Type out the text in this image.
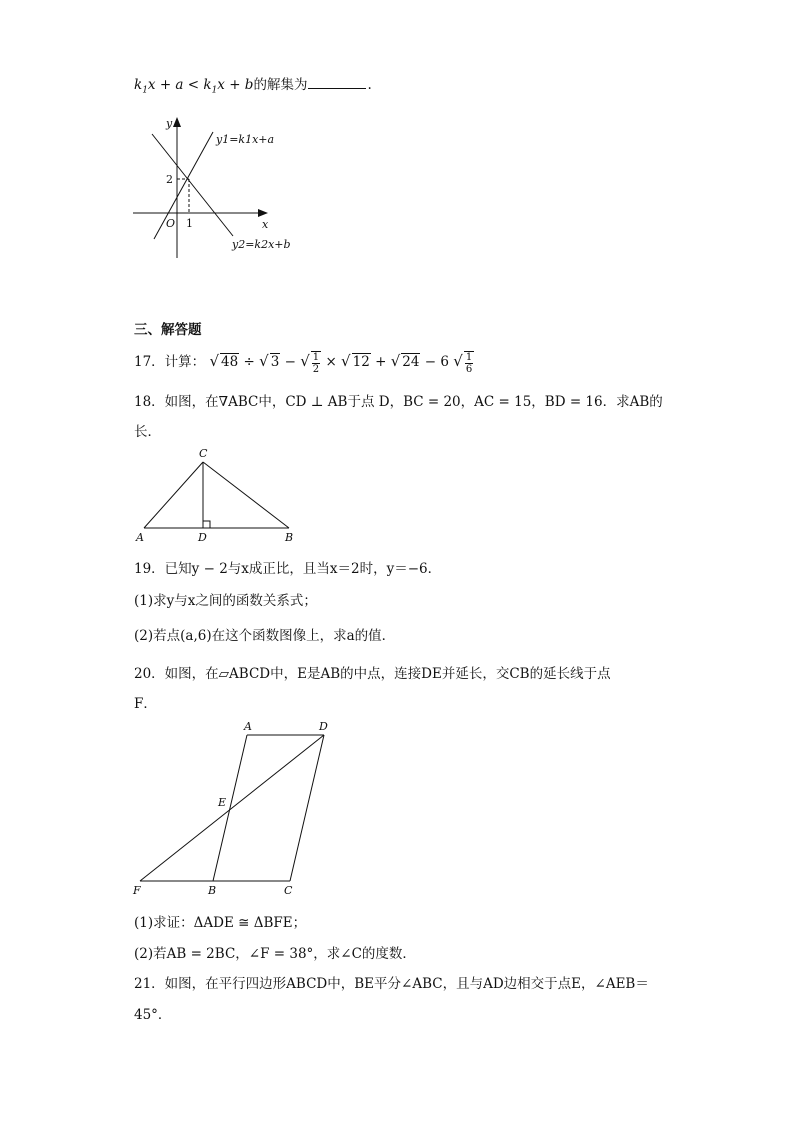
$k_1x + a < k_1x + b$的解集为	.
y
x
O 1
2
y1=k1x+a
y2=k2x+b
三、解答题
17．计算： √ 48 ÷ √ 3 − √ $\frac{1}{2}$ × √ 12 + √ 24 − 6 √ $\frac{1}{6}$
18．如图，在∇ABC中，CD ⊥ AB于点 D，BC = 20，AC = 15，BD = 16．求AB的
长．
C
A	D	B
19．已知y − 2与x成正比，且当x＝2时，y＝−6．
(1)求y与x之间的函数关系式；
(2)若点(a,6)在这个函数图像上，求a的值．
20．如图，在▱ABCD中，E是AB的中点，连接DE并延长，交CB的延长线于点
F．
A	D
E
F	B	C
(1)求证：ΔADE ≅ ΔBFE；
(2)若AB = 2BC，∠F = 38°，求∠C的度数．
21．如图，在平行四边形ABCD中，BE平分∠ABC，且与AD边相交于点E，∠AEB＝
45°．
